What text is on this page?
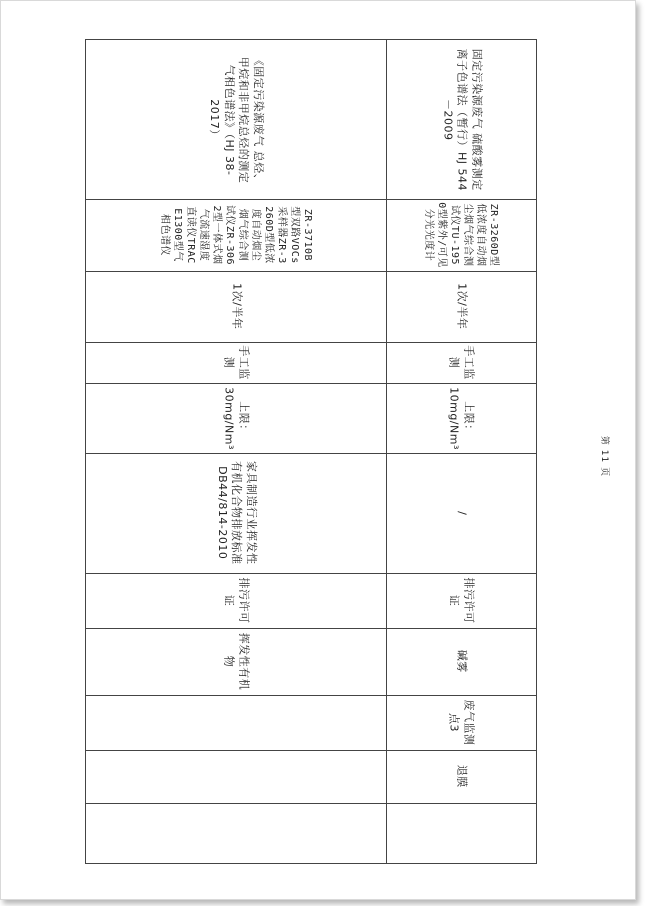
《固定污染源废气 总烃、甲烷和非甲烷总烃的测定 气相色谱法》（HJ 38-2017）
ZR-3710B型双路VOCs采样器ZR-3260D型低浓度自动烟尘烟气综合测试仪ZR-3062型一体式烟气流速湿度直读仪TRACE1300型气相色谱仪
1次/半年
手工监测
上限：30mg/Nm³
家具制造行业挥发性有机化合物排放标准DB44/814-2010
排污许可证
挥发性有机物
固定污染源废气 硫酸雾测定 离子色谱法（暂行）HJ 544－2009
ZR-3260D型低浓度自动烟尘烟气综合测试仪TU-1950型紫外/可见分光光度计
1次/半年
手工监测
上限：10mg/Nm³
/
排污许可证
碱雾
废气监测点3
退膜
第 11 页
